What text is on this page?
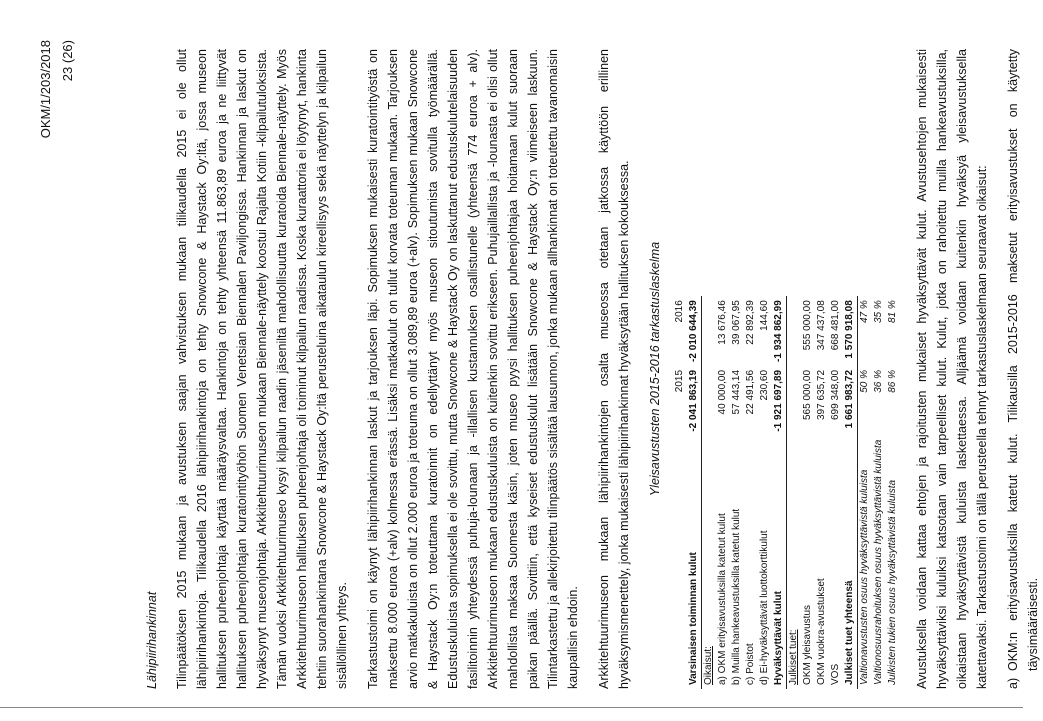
OKM/1/203/2018 23 (26)
Lähipiirihankinnat Tilinpäätöksen 2015 mukaan ja avustuksen saajan vahvistuksen mukaan tilikaudella 2015 ei ole ollut lähipiirihankintoja. Tilikaudella 2016 lähipiirihankintoja on tehty Snowcone & Haystack Oy:ltä, jossa museon hallituksen puheenjohtaja käyttää määräysvaltaa. Hankintoja on tehty yhteensä 11.863,89 euroa ja ne liittyvät hallituksen puheenjohtajan kuratointityöhön Suomen Venetsian Biennalen Paviljongissa. Hankinnan ja laskut on hyväksynyt museonjohtaja. Arkkitehtuurimuseon mukaan Biennale-näyttely koostui Rajalta Kotiin -kilpailutuloksista. Tämän vuoksi Arkkitehtuurimuseo kysyi kilpailun raadin jäseniltä mahdollisuutta kuratoida Biennale-näyttely. Myös Arkkitehtuurimuseon hallituksen puheenjohtaja oli toiminut kilpailun raadissa. Koska kuraattoria ei löytynyt, hankinta tehtiin suorahankintana Snowcone & Haystack Oy:ltä perusteluina aikataulun kireellisyys sekä näyttelyn ja kilpailun sisällöllinen yhteys. Tarkastustoimi on käynyt lähipiirihankinnan laskut ja tarjouksen läpi. Sopimuksen mukaisesti kuratointityöstä on maksettu 8.000 euroa (+alv) kolmessa erässä. Lisäksi matkakulut on tullut korvata toteuman mukaan. Tarjouksen arvio matkakuluista on ollut 2.000 euroa ja toteuma on ollut 3.089,89 euroa (+alv). Sopimuksen mukaan Snowcone & Haystack Oy:n toteuttama kuratoinnit on edellyttänyt myös museon sitoutumista sovitulla työmäärällä. Edustuskuluista sopimuksella ei ole sovittu, mutta Snowcone & Haystack Oy on laskuttanut edustuskulutelaisuuden fasilitoinnin yhteydessä puhuja-lounaan ja -illallisen kustannuksen osallistunelle (yhteensä 774 euroa + alv). Arkkitehtuurimuseon mukaan edustuskuluista on kuitenkin sovittu erikseen. Puhujaillallista ja -lounasta ei olisi ollut mahdollista maksaa Suomesta käsin, joten museo pyysi hallituksen puheenjohtajaa hoitamaan kulut suoraan paikan päällä. Sovittiin, että kyseiset edustuskulut lisätään Snowcone & Haystack Oy:n viimeiseen laskuun. Tilintarkastettu ja allekirjoitettu tilinpäätös sisältää lausunnon, jonka mukaan allhankinnat on toteutettu tavanomaisin kaupallisin ehdoin. Arkkitehtuurimuseon mukaan lähipiirihankintojen osalta museossa otetaan jatkossa käyttöön erillinen hyväksymismenettely, jonka mukaisesti lähipiirihankinnat hyväksytään hallituksen kokouksessa. Yleisavustusten 2015-2016 tarkastuslaskelma
		2015	2016
Varsinaisen toiminnan kulut	-2 041 863,19	-2 010 644,39
Oikaisut:		
a) OKM erityisavustuksilla katetut kulut	40 000,00	13 676,46
b) Muilla hankeavustuksilla katetut kulut	57 443,14	39 067,95
c) Poistot	22 491,56	22 892,39
d) Ei-hyväksyttävät luottokorttikulut	230,60	144,60
Hyväksyttävät kulut	-1 921 697,89	-1 934 862,99
Julkiset tuet:		
OKM yleisavustus	565 000,00	555 000,00
OKM vuokra-avustukset	397 635,72	347 437,08
VOS	699 348,00	668 481,00
Julkiset tuet yhteensä	1 661 983,72	1 570 918,08
Valtionavustusten osuus hyväksyttävistä kuluista	50 %	47 %
Valtionosuusrahoituksen osuus hyväksyttävistä kuluista	36 %	35 %
Julkisten tukien osuus hyväksyttävistä kuluista	86 %	81 % Avustuksella voidaan kattaa ehtojen ja rajoitusten mukaiset hyväksyttävät kulut. Avustusehtojen mukaisesti hyväksyttäviksi kuluiksi katsotaan vain tarpeelliset kulut. Kulut, jotka on rahoitettu muilla hankeavustuksilla, oikaistaan hyväksyttävistä kuluista laskettaessa. Alljäämä voidaan kuitenkin hyväksyä yleisavustuksella katettavaksi. Tarkastustoimi on tällä perusteella tehnyt tarkastuslaskelmaan seuraavat oikaisut: a)
OKM:n erityisavustuksilla katetut kulut. Tilikausilla 2015-2016 maksetut erityisavustukset on käytetty täysimääräisesti.
